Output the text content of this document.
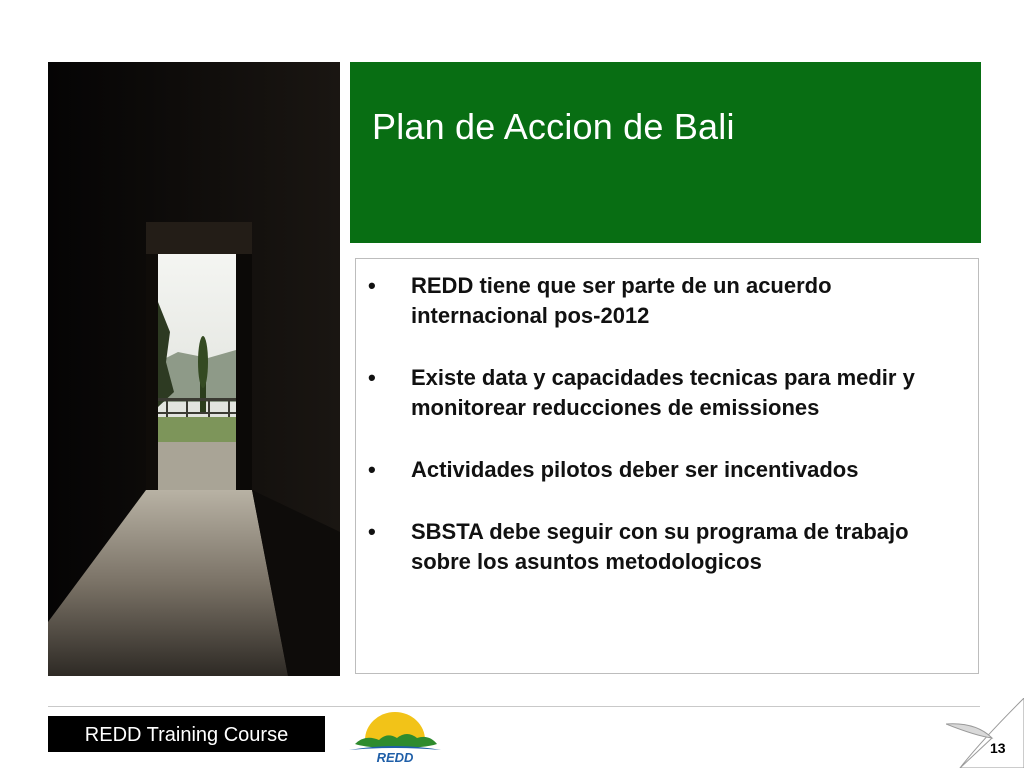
Plan de Accion de Bali
• REDD tiene que ser parte de un acuerdo internacional pos-2012
• Existe data y capacidades tecnicas para medir y monitorear reducciones de emissiones
• Actividades pilotos deber ser incentivados
• SBSTA debe seguir con su programa de trabajo sobre los asuntos metodologicos
REDD Training Course
REDD
13
